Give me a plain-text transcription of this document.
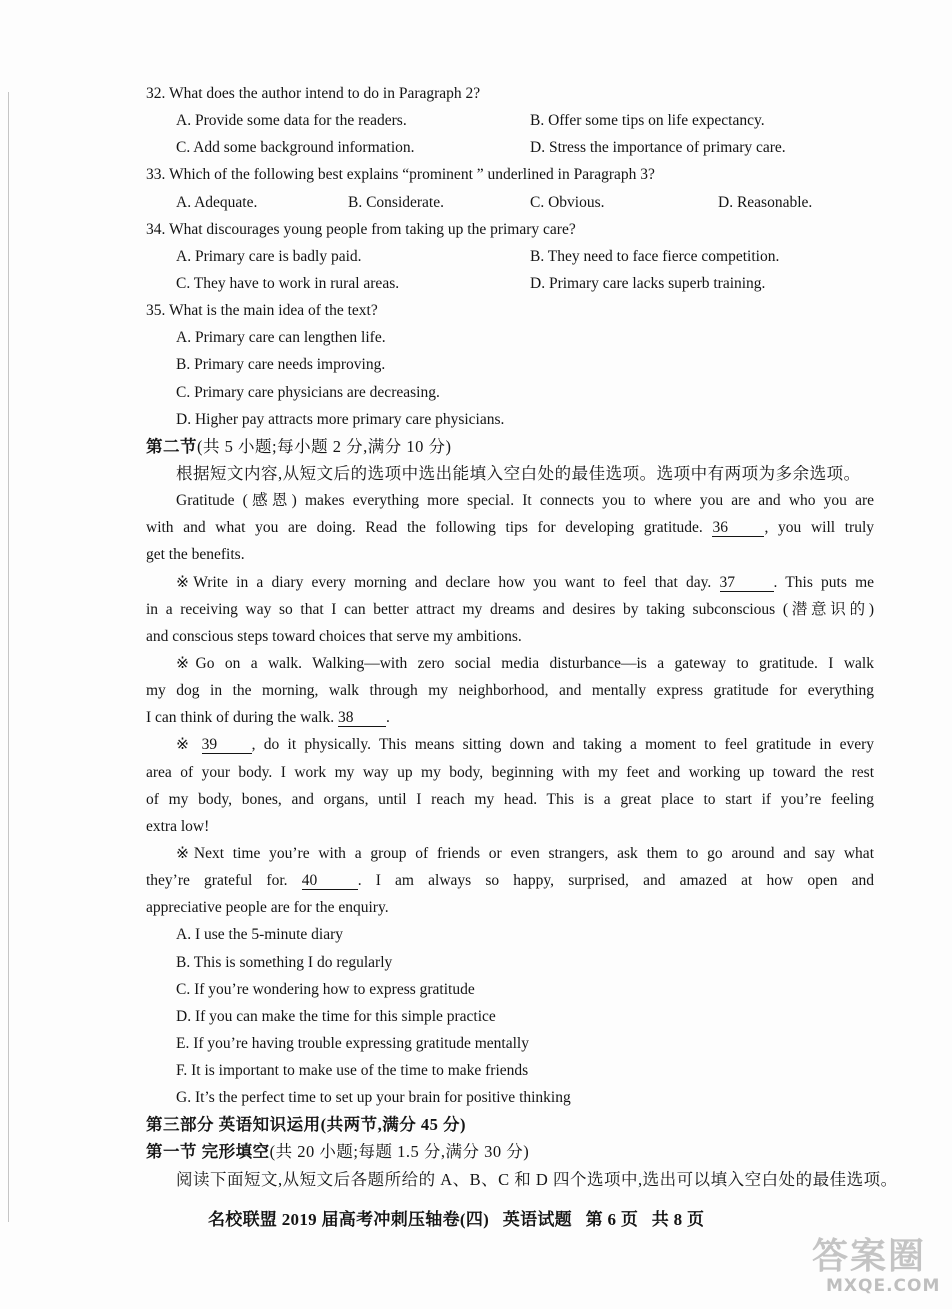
32. What does the author intend to do in Paragraph 2?
A. Provide some data for the readers.	B. Offer some tips on life expectancy.
C. Add some background information.	D. Stress the importance of primary care.
33. Which of the following best explains “prominent ” underlined in Paragraph 3?
A. Adequate.	B. Considerate.	C. Obvious.	D. Reasonable.
34. What discourages young people from taking up the primary care?
A. Primary care is badly paid.	B. They need to face fierce competition.
C. They have to work in rural areas.	D. Primary care lacks superb training.
35. What is the main idea of the text?
A. Primary care can lengthen life.
B. Primary care needs improving.
C. Primary care physicians are decreasing.
D. Higher pay attracts more primary care physicians.
第二节(共 5 小题;每小题 2 分,满分 10 分)
根据短文内容,从短文后的选项中选出能填入空白处的最佳选项。选项中有两项为多余选项。
Gratitude (感恩) makes everything more special. It connects you to where you are and who you are
with and what you are doing. Read the following tips for developing gratitude. 36 , you will truly
get the benefits.
※Write in a diary every morning and declare how you want to feel that day. 37 . This puts me
in a receiving way so that I can better attract my dreams and desires by taking subconscious (潜意识的)
and conscious steps toward choices that serve my ambitions.
※Go on a walk. Walking—with zero social media disturbance—is a gateway to gratitude. I walk
my dog in the morning, walk through my neighborhood, and mentally express gratitude for everything
I can think of during the walk. 38 .
※ 39 , do it physically. This means sitting down and taking a moment to feel gratitude in every
area of your body. I work my way up my body, beginning with my feet and working up toward the rest
of my body, bones, and organs, until I reach my head. This is a great place to start if you’re feeling
extra low!
※Next time you’re with a group of friends or even strangers, ask them to go around and say what
they’re grateful for. 40	. I am always so happy, surprised, and amazed at how open and
appreciative people are for the enquiry.
A. I use the 5-minute diary
B. This is something I do regularly
C. If you’re wondering how to express gratitude
D. If you can make the time for this simple practice
E. If you’re having trouble expressing gratitude mentally
F. It is important to make use of the time to make friends
G. It’s the perfect time to set up your brain for positive thinking
第三部分 英语知识运用(共两节,满分 45 分)
第一节 完形填空(共 20 小题;每题 1.5 分,满分 30 分)
阅读下面短文,从短文后各题所给的 A、B、C 和 D 四个选项中,选出可以填入空白处的最佳选项。
名校联盟 2019 届高考冲刺压轴卷(四)   英语试题   第 6 页   共 8 页
答案圈
MXQE.COM
